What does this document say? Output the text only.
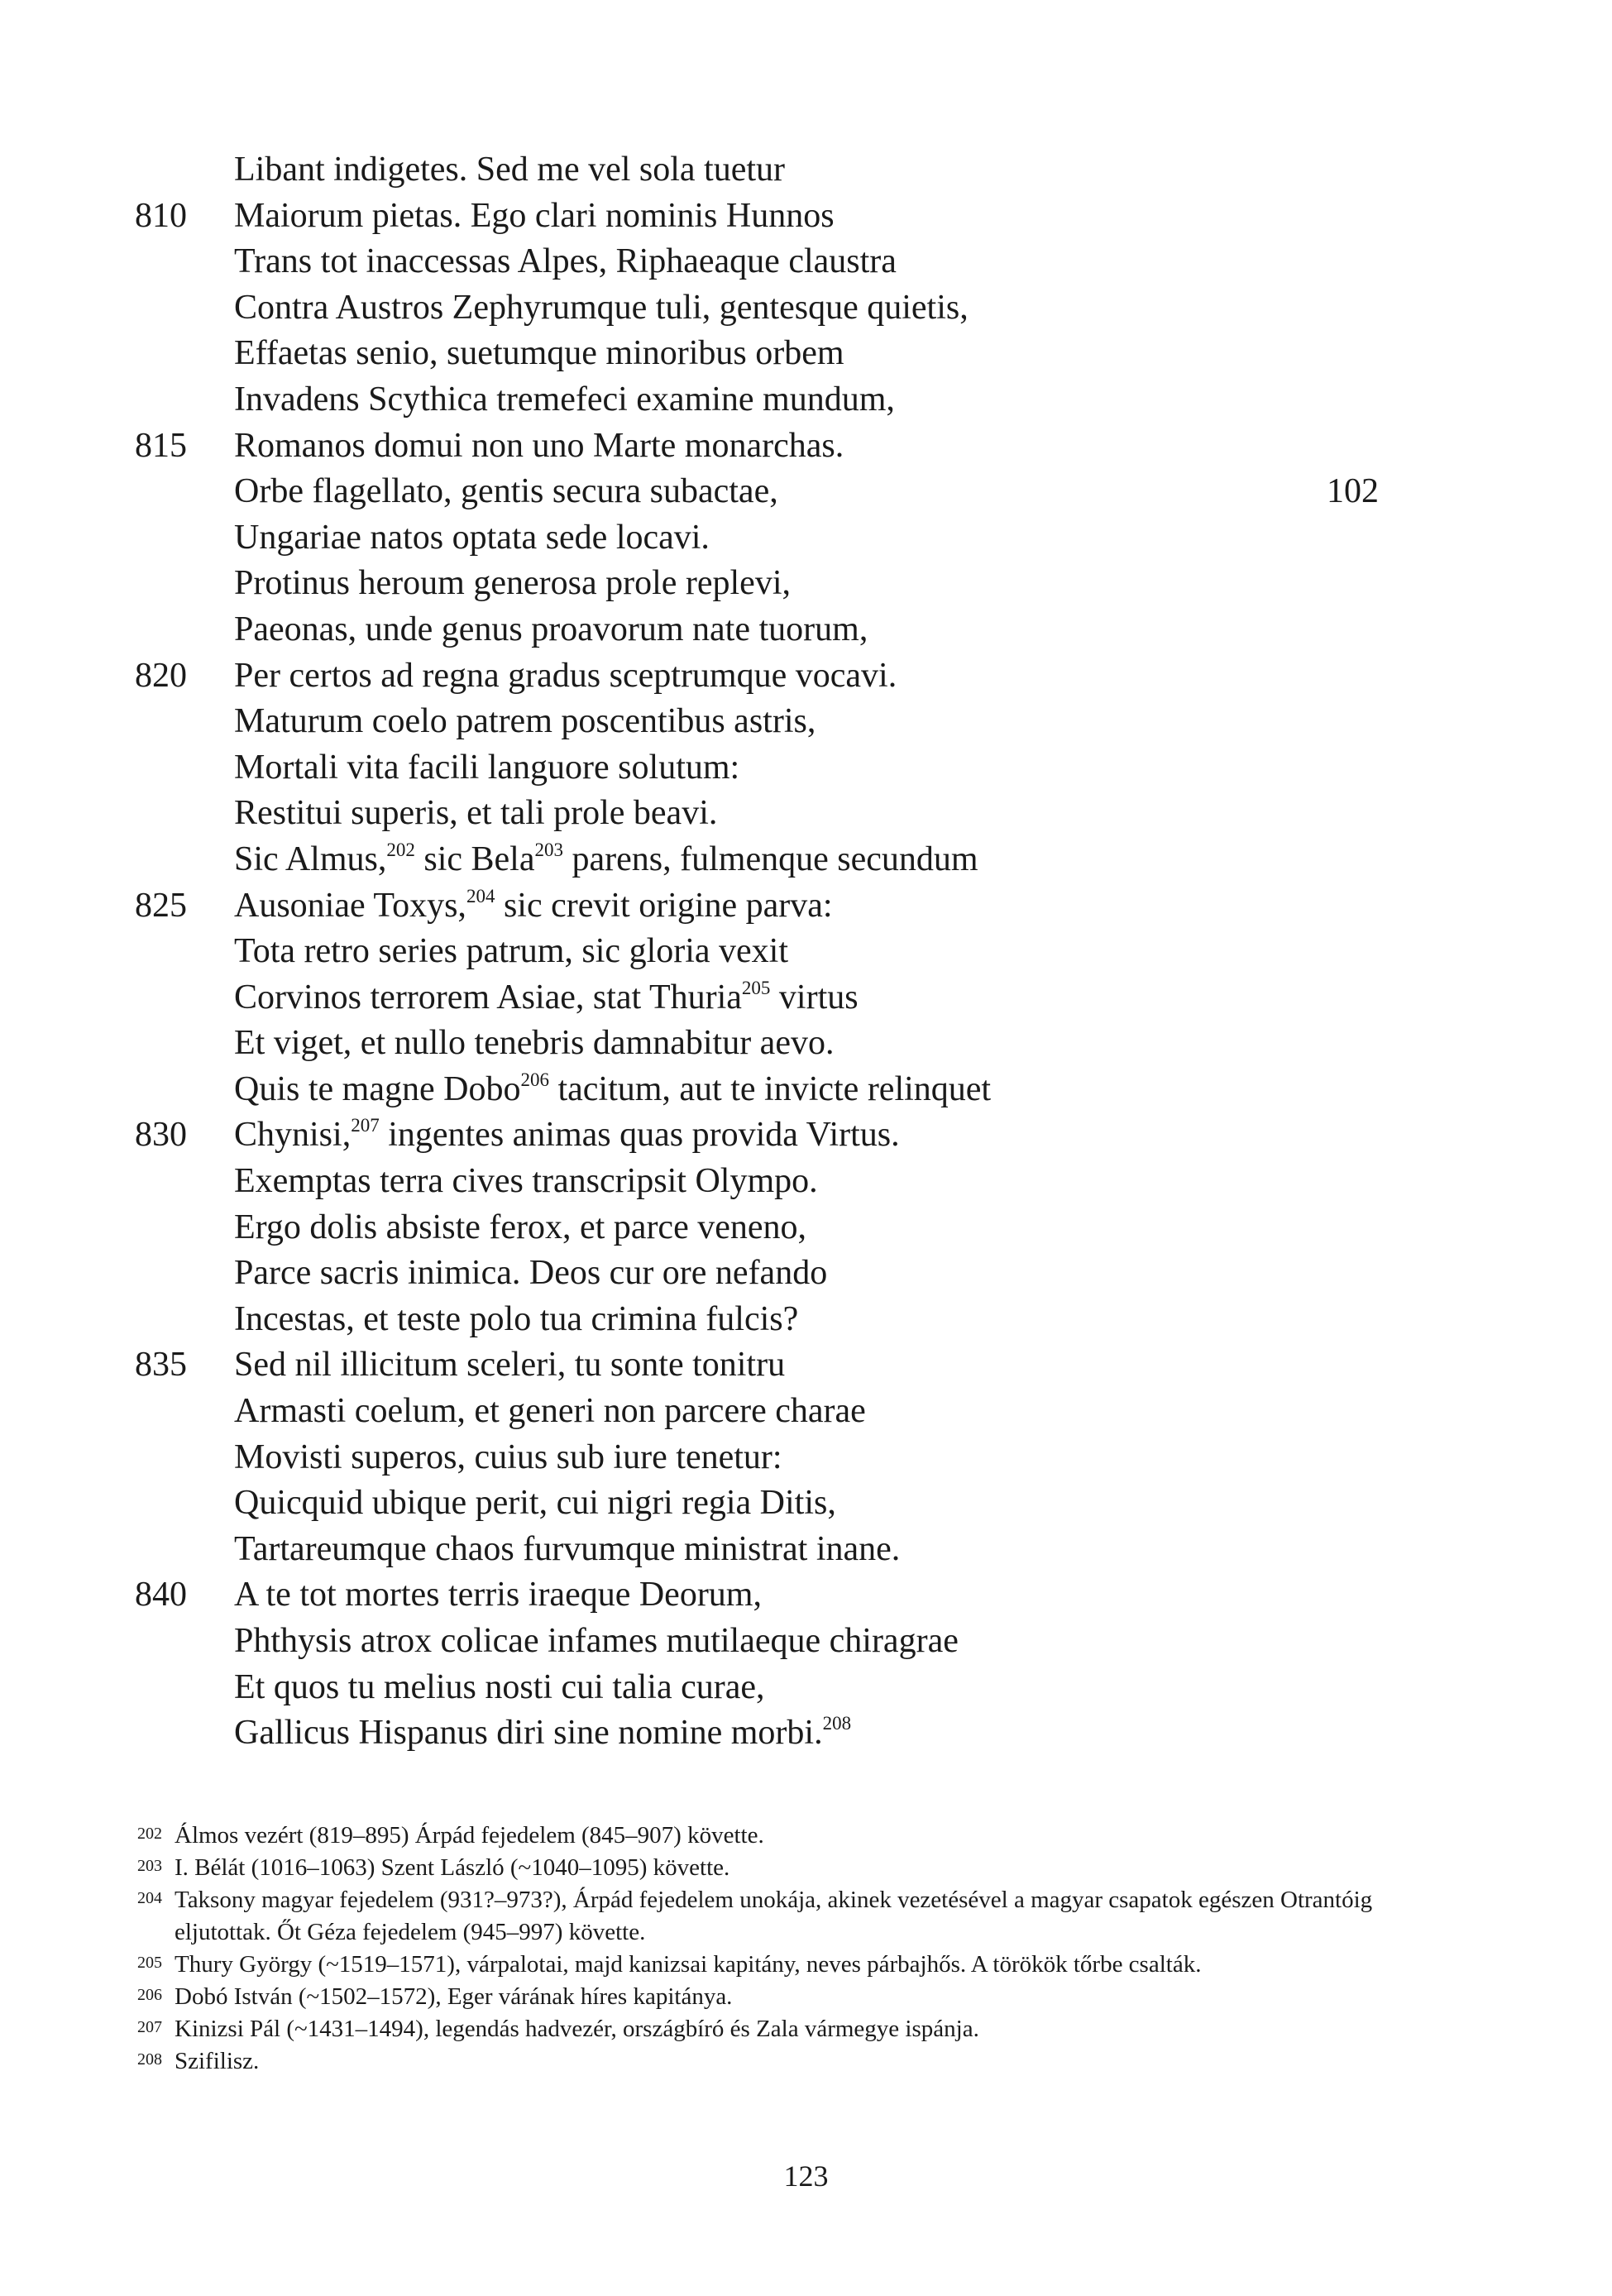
Libant indigetes. Sed me vel sola tuetur
810 Maiorum pietas. Ego clari nominis Hunnos
Trans tot inaccessas Alpes, Riphaeaque claustra
Contra Austros Zephyrumque tuli, gentesque quietis,
Effaetas senio, suetumque minoribus orbem
Invadens Scythica tremefeci examine mundum,
815 Romanos domui non uno Marte monarchas.
Orbe flagellato, gentis secura subactae,	102
Ungariae natos optata sede locavi.
Protinus heroum generosa prole replevi,
Paeonas, unde genus proavorum nate tuorum,
820 Per certos ad regna gradus sceptrumque vocavi.
Maturum coelo patrem poscentibus astris,
Mortali vita facili languore solutum:
Restitui superis, et tali prole beavi.
Sic Almus,$^{202}$ sic Bela$^{203}$ parens, fulmenque secundum
825 Ausoniae Toxys,$^{204}$ sic crevit origine parva:
Tota retro series patrum, sic gloria vexit
Corvinos terrorem Asiae, stat Thuria$^{205}$ virtus
Et viget, et nullo tenebris damnabitur aevo.
Quis te magne Dobo$^{206}$ tacitum, aut te invicte relinquet
830 Chynisi,$^{207}$ ingentes animas quas provida Virtus.
Exemptas terra cives transcripsit Olympo.
Ergo dolis absiste ferox, et parce veneno,
Parce sacris inimica. Deos cur ore nefando
Incestas, et teste polo tua crimina fulcis?
835 Sed nil illicitum sceleri, tu sonte tonitru
Armasti coelum, et generi non parcere charae
Movisti superos, cuius sub iure tenetur:
Quicquid ubique perit, cui nigri regia Ditis,
Tartareumque chaos furvumque ministrat inane.
840 A te tot mortes terris iraeque Deorum,
Phthysis atrox colicae infames mutilaeque chiragrae
Et quos tu melius nosti cui talia curae,
Gallicus Hispanus diri sine nomine morbi.$^{208}$
202 Álmos vezért (819–895) Árpád fejedelem (845–907) követte.
203 I. Bélát (1016–1063) Szent László (~1040–1095) követte.
204 Taksony magyar fejedelem (931?–973?), Árpád fejedelem unokája, akinek vezetésével a magyar csapatok egészen Otrantóig eljutottak. Őt Géza fejedelem (945–997) követte.
205 Thury György (~1519–1571), várpalotai, majd kanizsai kapitány, neves párbajhős. A törökök tőrbe csalták.
206 Dobó István (~1502–1572), Eger várának híres kapitánya.
207 Kinizsi Pál (~1431–1494), legendás hadvezér, országbíró és Zala vármegye ispánja.
208 Szifilisz.
123
